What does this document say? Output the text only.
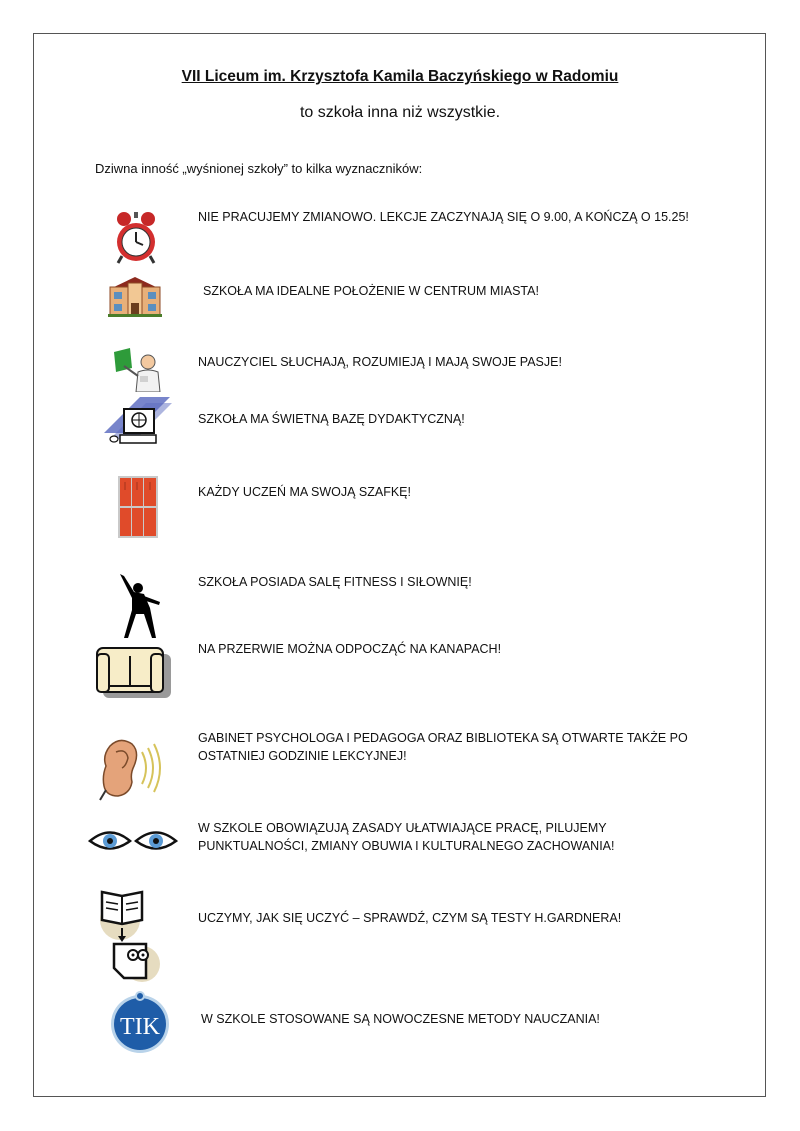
VII Liceum im. Krzysztofa Kamila Baczyńskiego w Radomiu
to szkoła inna niż wszystkie.
Dziwna inność „wyśnionej szkoły” to kilka wyznaczników:
NIE PRACUJEMY ZMIANOWO. LEKCJE ZACZYNAJĄ SIĘ O 9.00, A KOŃCZĄ O 15.25!
SZKOŁA MA IDEALNE POŁOŻENIE W CENTRUM MIASTA!
NAUCZYCIEL SŁUCHAJĄ, ROZUMIEJĄ I MAJĄ SWOJE PASJE!
SZKOŁA MA ŚWIETNĄ BAZĘ DYDAKTYCZNĄ!
KAŻDY UCZEŃ MA SWOJĄ SZAFKĘ!
SZKOŁA POSIADA SALĘ FITNESS I SIŁOWNIĘ!
NA PRZERWIE MOŻNA ODPOCZĄĆ NA KANAPACH!
GABINET PSYCHOLOGA I PEDAGOGA ORAZ BIBLIOTEKA SĄ OTWARTE TAKŻE PO OSTATNIEJ GODZINIE LEKCYJNEJ!
W SZKOLE OBOWIĄZUJĄ ZASADY UŁATWIAJĄCE PRACĘ, PILUJEMY PUNKTUALNOŚCI, ZMIANY OBUWIA I KULTURALNEGO ZACHOWANIA!
UCZYMY, JAK SIĘ UCZYĆ – SPRAWDŹ, CZYM SĄ TESTY H.GARDNERA!
TIK	W SZKOLE STOSOWANE SĄ NOWOCZESNE METODY NAUCZANIA!
